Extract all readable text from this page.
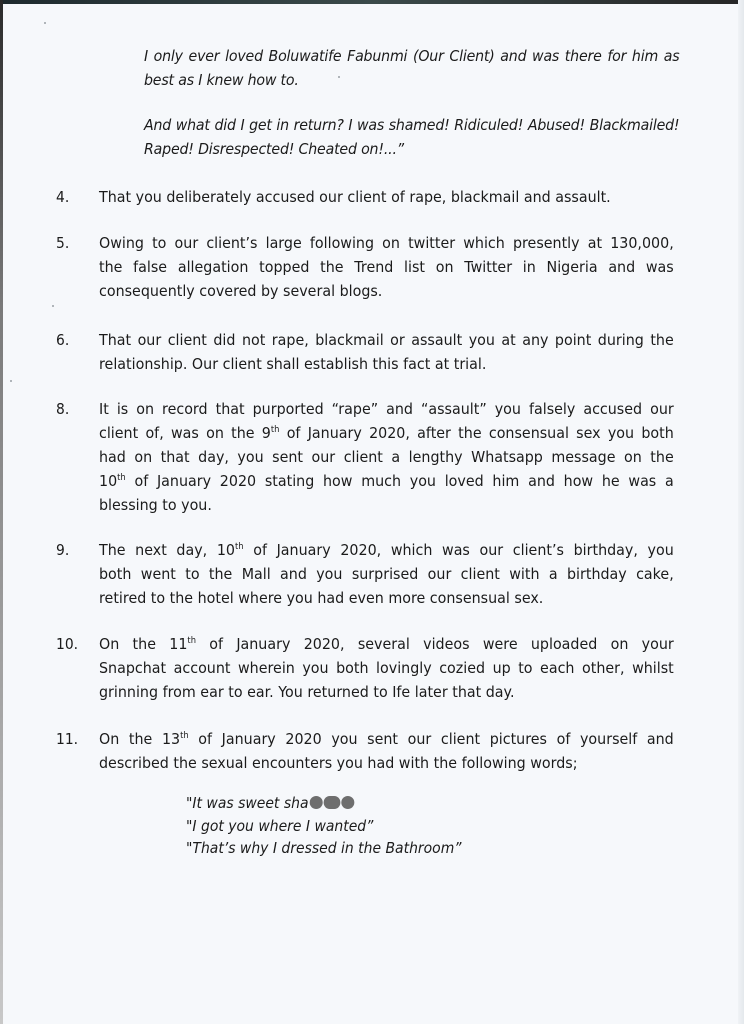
I only ever loved Boluwatife Fabunmi (Our Client) and was there for him as best as I knew how to.

And what did I get in return? I was shamed! Ridiculed! Abused! Blackmailed! Raped! Disrespected! Cheated on!...”

4. That you deliberately accused our client of rape, blackmail and assault.
5. Owing to our client’s large following on twitter which presently at 130,000,
the false allegation topped the Trend list on Twitter in Nigeria and was
consequently covered by several blogs.
6. That our client did not rape, blackmail or assault you at any point during the
relationship. Our client shall establish this fact at trial.
8. It is on record that purported “rape” and “assault” you falsely accused our
client of, was on the 9th of January 2020, after the consensual sex you both
had on that day, you sent our client a lengthy Whatsapp message on the
10th of January 2020 stating how much you loved him and how he was a
blessing to you.
9. The next day, 10th of January 2020, which was our client’s birthday, you
both went to the Mall and you surprised our client with a birthday cake,
retired to the hotel where you had even more consensual sex.
10. On the 11th of January 2020, several videos were uploaded on your
Snapchat account wherein you both lovingly cozied up to each other, whilst
grinning from ear to ear. You returned to Ife later that day.
11. On the 13th of January 2020 you sent our client pictures of yourself and
described the sexual encounters you had with the following words;
"It was sweet sha
"I got you where I wanted”
"That’s why I dressed in the Bathroom”
